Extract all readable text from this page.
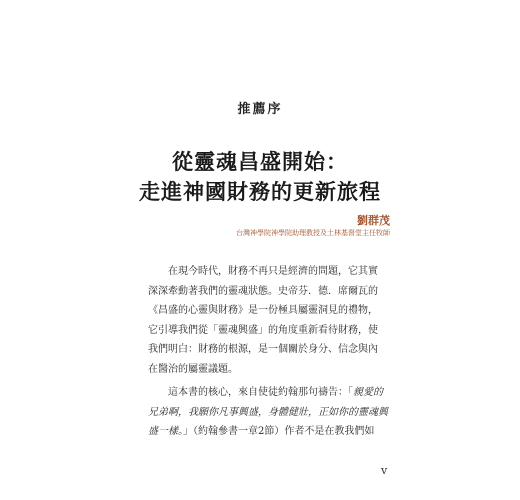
推薦序
從靈魂昌盛開始：
走進神國財務的更新旅程
劉群茂
台灣神學院神學院助理教授及土林基督堂主任牧師
在現今時代，財務不再只是經濟的問題，它其實
深深牽動著我們的靈魂狀態。史帝芬．德．席爾瓦的
《昌盛的心靈與財務》是一份極具屬靈洞見的禮物，
它引導我們從「靈魂興盛」的角度重新看待財務，使
我們明白：財務的根源，是一個關於身分、信念與內
在醫治的屬靈議題。
這本書的核心，來自使徒約翰那句禱告：「親愛的
兄弟啊，我願你凡事興盛，身體健壯，正如你的靈魂興
盛一樣。」（約翰參書一章2節）作者不是在教我們如
v
